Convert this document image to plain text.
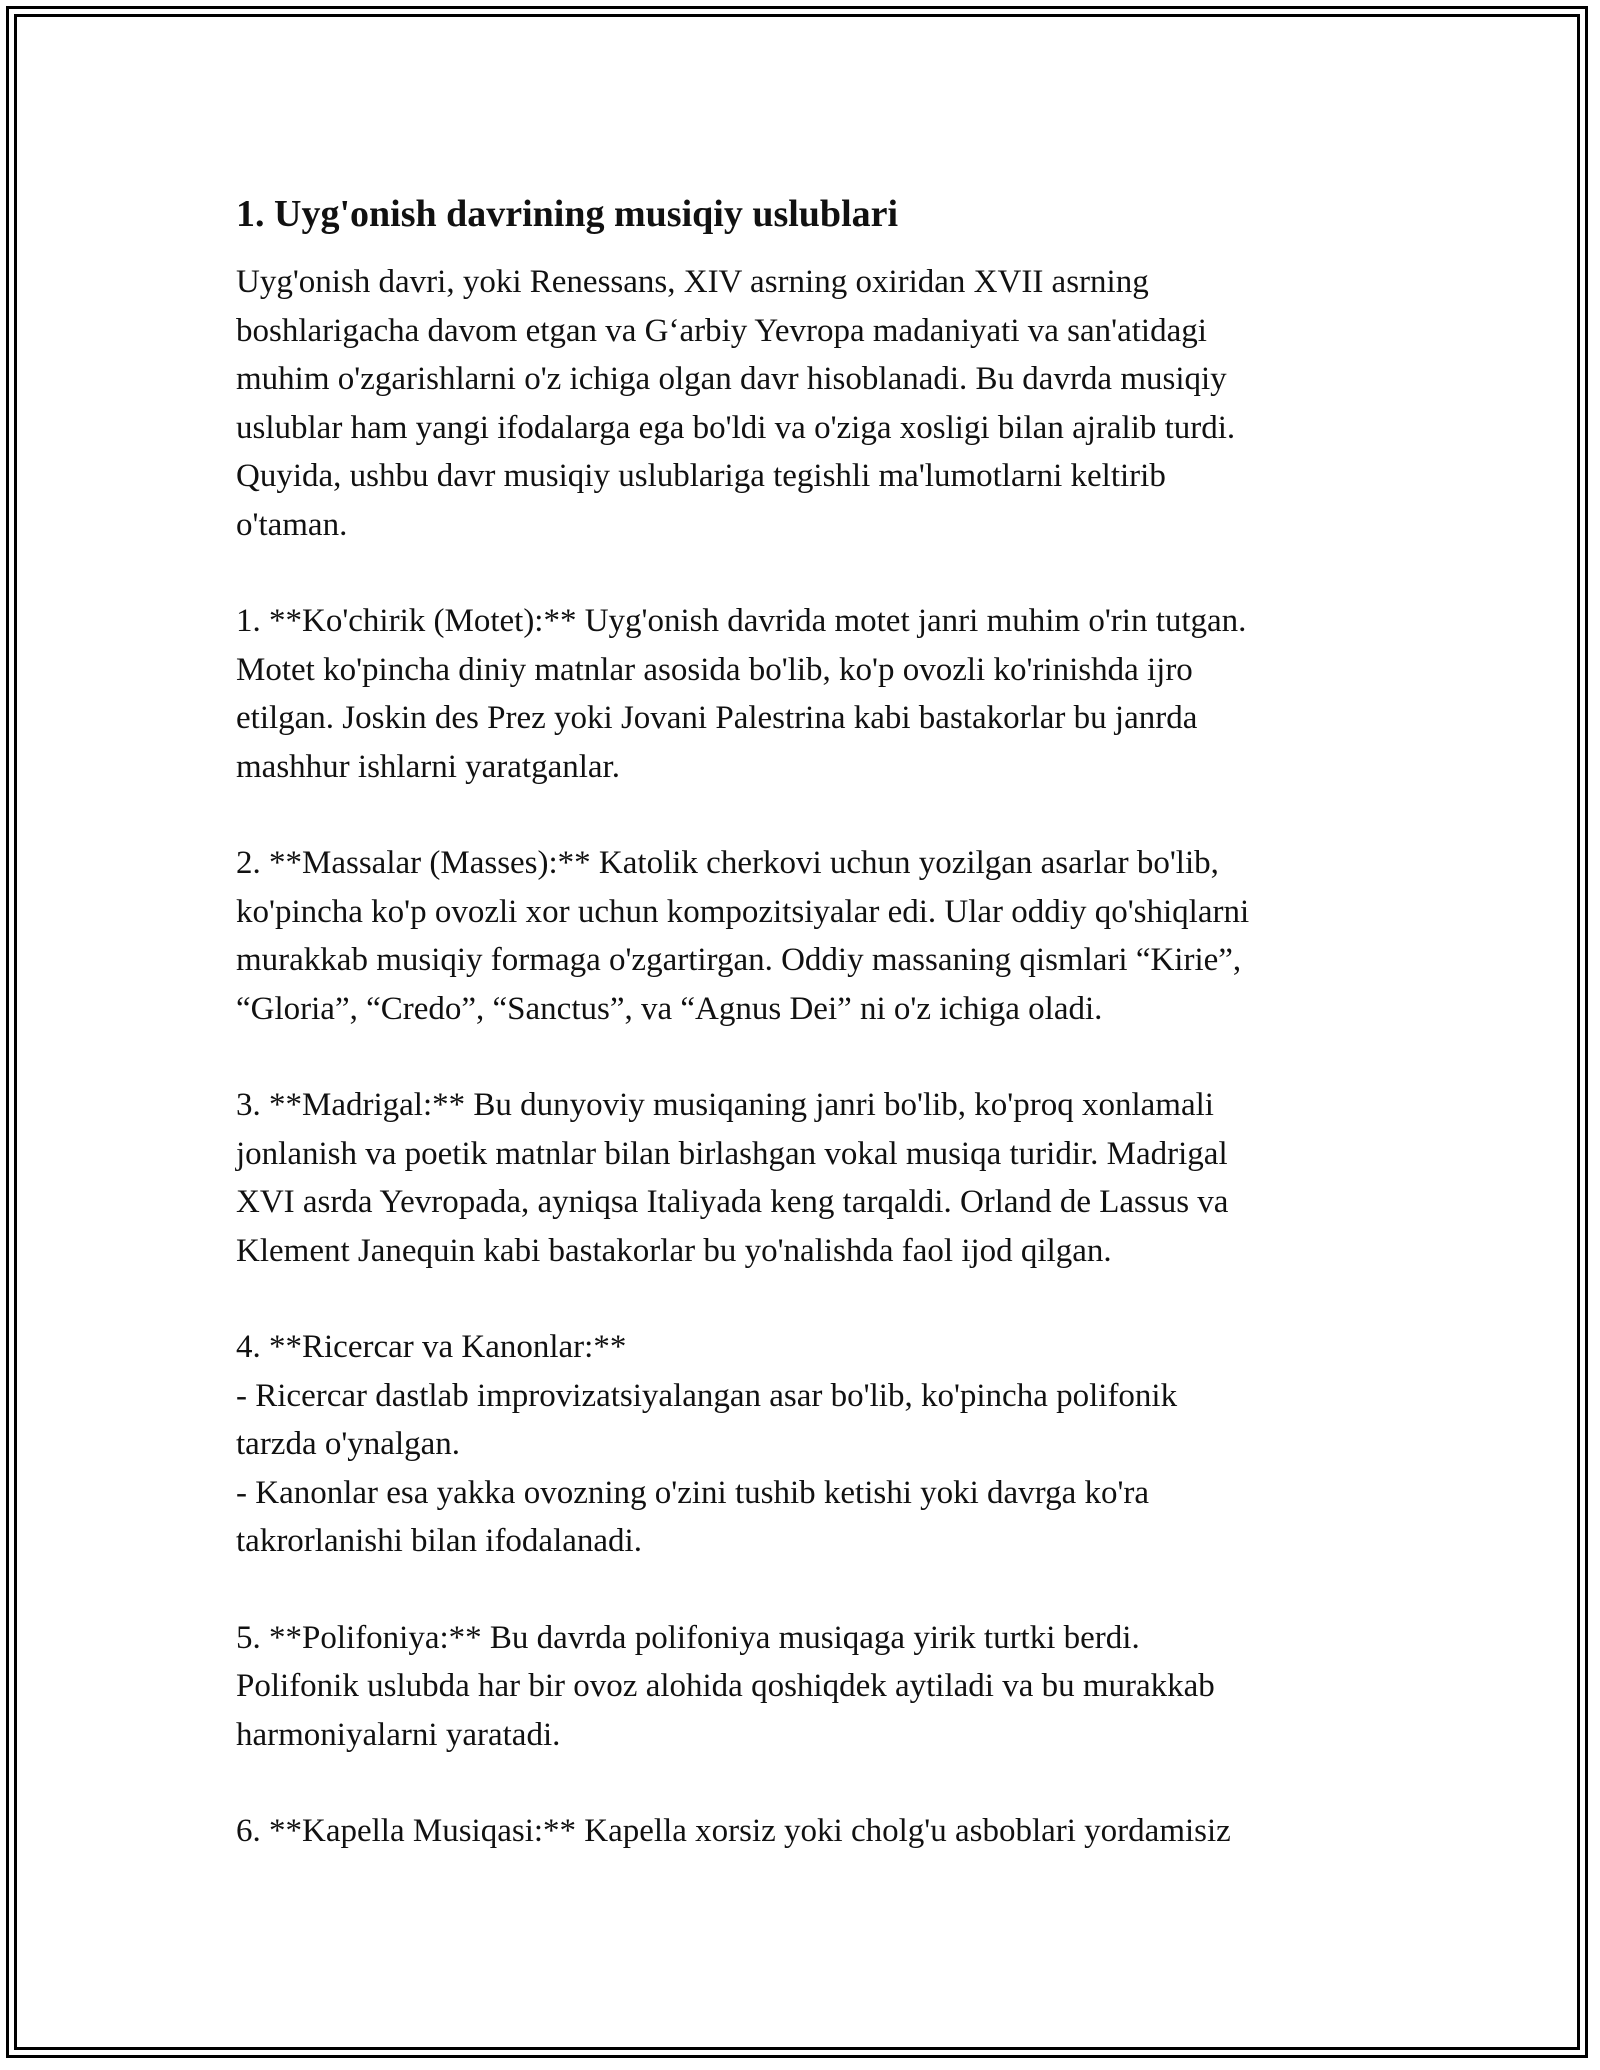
1. Uyg'onish davrining musiqiy uslublari

Uyg'onish davri, yoki Renessans, XIV asrning oxiridan XVII asrning
boshlarigacha davom etgan va G‘arbiy Yevropa madaniyati va san'atidagi
muhim o'zgarishlarni o'z ichiga olgan davr hisoblanadi. Bu davrda musiqiy
uslublar ham yangi ifodalarga ega bo'ldi va o'ziga xosligi bilan ajralib turdi.
Quyida, ushbu davr musiqiy uslublariga tegishli ma'lumotlarni keltirib
o'taman.

1. **Ko'chirik (Motet):** Uyg'onish davrida motet janri muhim o'rin tutgan.
Motet ko'pincha diniy matnlar asosida bo'lib, ko'p ovozli ko'rinishda ijro
etilgan. Joskin des Prez yoki Jovani Palestrina kabi bastakorlar bu janrda
mashhur ishlarni yaratganlar.

2. **Massalar (Masses):** Katolik cherkovi uchun yozilgan asarlar bo'lib,
ko'pincha ko'p ovozli xor uchun kompozitsiyalar edi. Ular oddiy qo'shiqlarni
murakkab musiqiy formaga o'zgartirgan. Oddiy massaning qismlari “Kirie”,
“Gloria”, “Credo”, “Sanctus”, va “Agnus Dei” ni o'z ichiga oladi.

3. **Madrigal:** Bu dunyoviy musiqaning janri bo'lib, ko'proq xonlamali
jonlanish va poetik matnlar bilan birlashgan vokal musiqa turidir. Madrigal
XVI asrda Yevropada, ayniqsa Italiyada keng tarqaldi. Orland de Lassus va
Klement Janequin kabi bastakorlar bu yo'nalishda faol ijod qilgan.

4. **Ricercar va Kanonlar:**
- Ricercar dastlab improvizatsiyalangan asar bo'lib, ko'pincha polifonik
tarzda o'ynalgan.
- Kanonlar esa yakka ovozning o'zini tushib ketishi yoki davrga ko'ra
takrorlanishi bilan ifodalanadi.

5. **Polifoniya:** Bu davrda polifoniya musiqaga yirik turtki berdi.
Polifonik uslubda har bir ovoz alohida qoshiqdek aytiladi va bu murakkab
harmoniyalarni yaratadi.

6. **Kapella Musiqasi:** Kapella xorsiz yoki cholg'u asboblari yordamisiz
